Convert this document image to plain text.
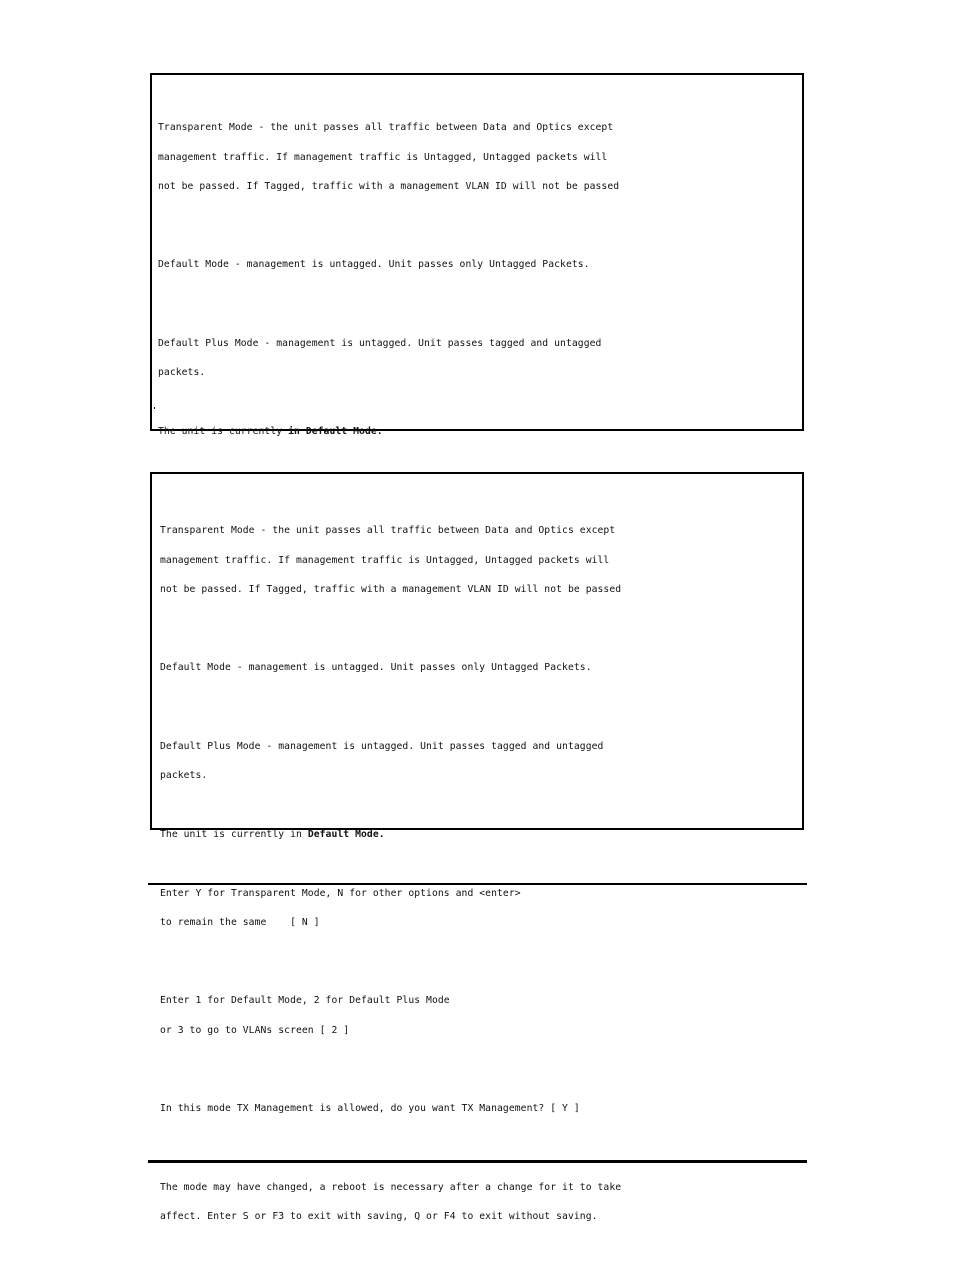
Transparent Mode - the unit passes all traffic between Data and Optics except

management traffic. If management traffic is Untagged, Untagged packets will

not be passed. If Tagged, traffic with a management VLAN ID will not be passed

Default Mode - management is untagged. Unit passes only Untagged Packets.

Default Plus Mode - management is untagged. Unit passes tagged and untagged

packets.

The unit is currently in Default Mode.

Transparent Mode - the unit passes all traffic between Data and Optics except

management traffic. If management traffic is Untagged, Untagged packets will

not be passed. If Tagged, traffic with a management VLAN ID will not be passed

Default Mode - management is untagged. Unit passes only Untagged Packets.

Default Plus Mode - management is untagged. Unit passes tagged and untagged

packets.

The unit is currently in Default Mode.

Enter Y for Transparent Mode, N for other options and <enter>

to remain the same    [ N ]

Enter 1 for Default Mode, 2 for Default Plus Mode

or 3 to go to VLANs screen [ 2 ]

In this mode TX Management is allowed, do you want TX Management? [ Y ]

The mode may have changed, a reboot is necessary after a change for it to take

affect. Enter S or F3 to exit with saving, Q or F4 to exit without saving.
